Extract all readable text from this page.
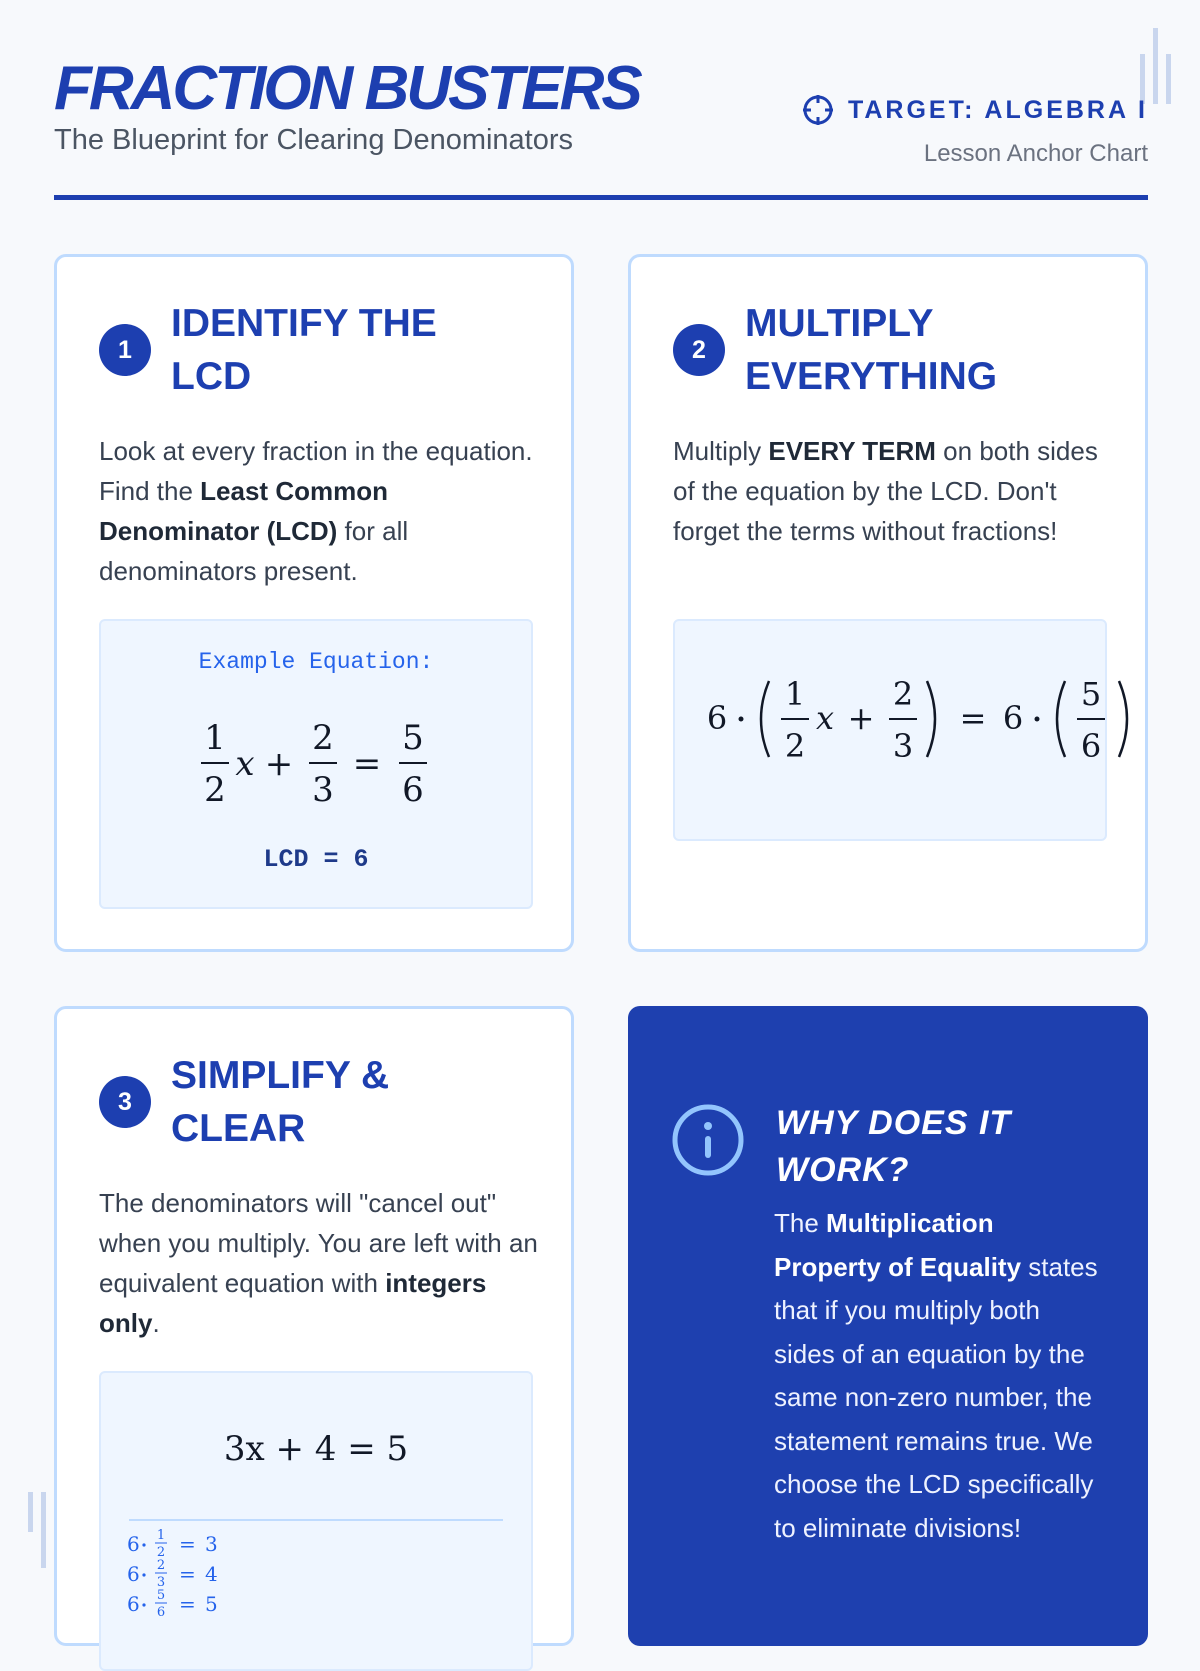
FRACTION BUSTERS
The Blueprint for Clearing Denominators
TARGET: ALGEBRA I
Lesson Anchor Chart
1
IDENTIFY THE LCD

Look at every fraction in the equation. Find the Least Common Denominator (LCD) for all denominators present.

Example Equation:
1
2
x +
2
3
=
5
6
LCD = 6
2
MULTIPLY EVERYTHING

Multiply EVERY TERM on both sides of the equation by the LCD. Don't forget the terms without fractions!

6
1
2
x +
2
3
= 6
5
6
3
SIMPLIFY & CLEAR

The denominators will "cancel out" when you multiply. You are left with an equivalent equation with integers only.

3x + 4 = 5
6 1
2 = 3
6 2
3 = 4
6 5
6 = 5
WHY DOES IT WORK?

The Multiplication Property of Equality states that if you multiply both sides of an equation by the same non-zero number, the statement remains true. We choose the LCD specifically to eliminate divisions!
